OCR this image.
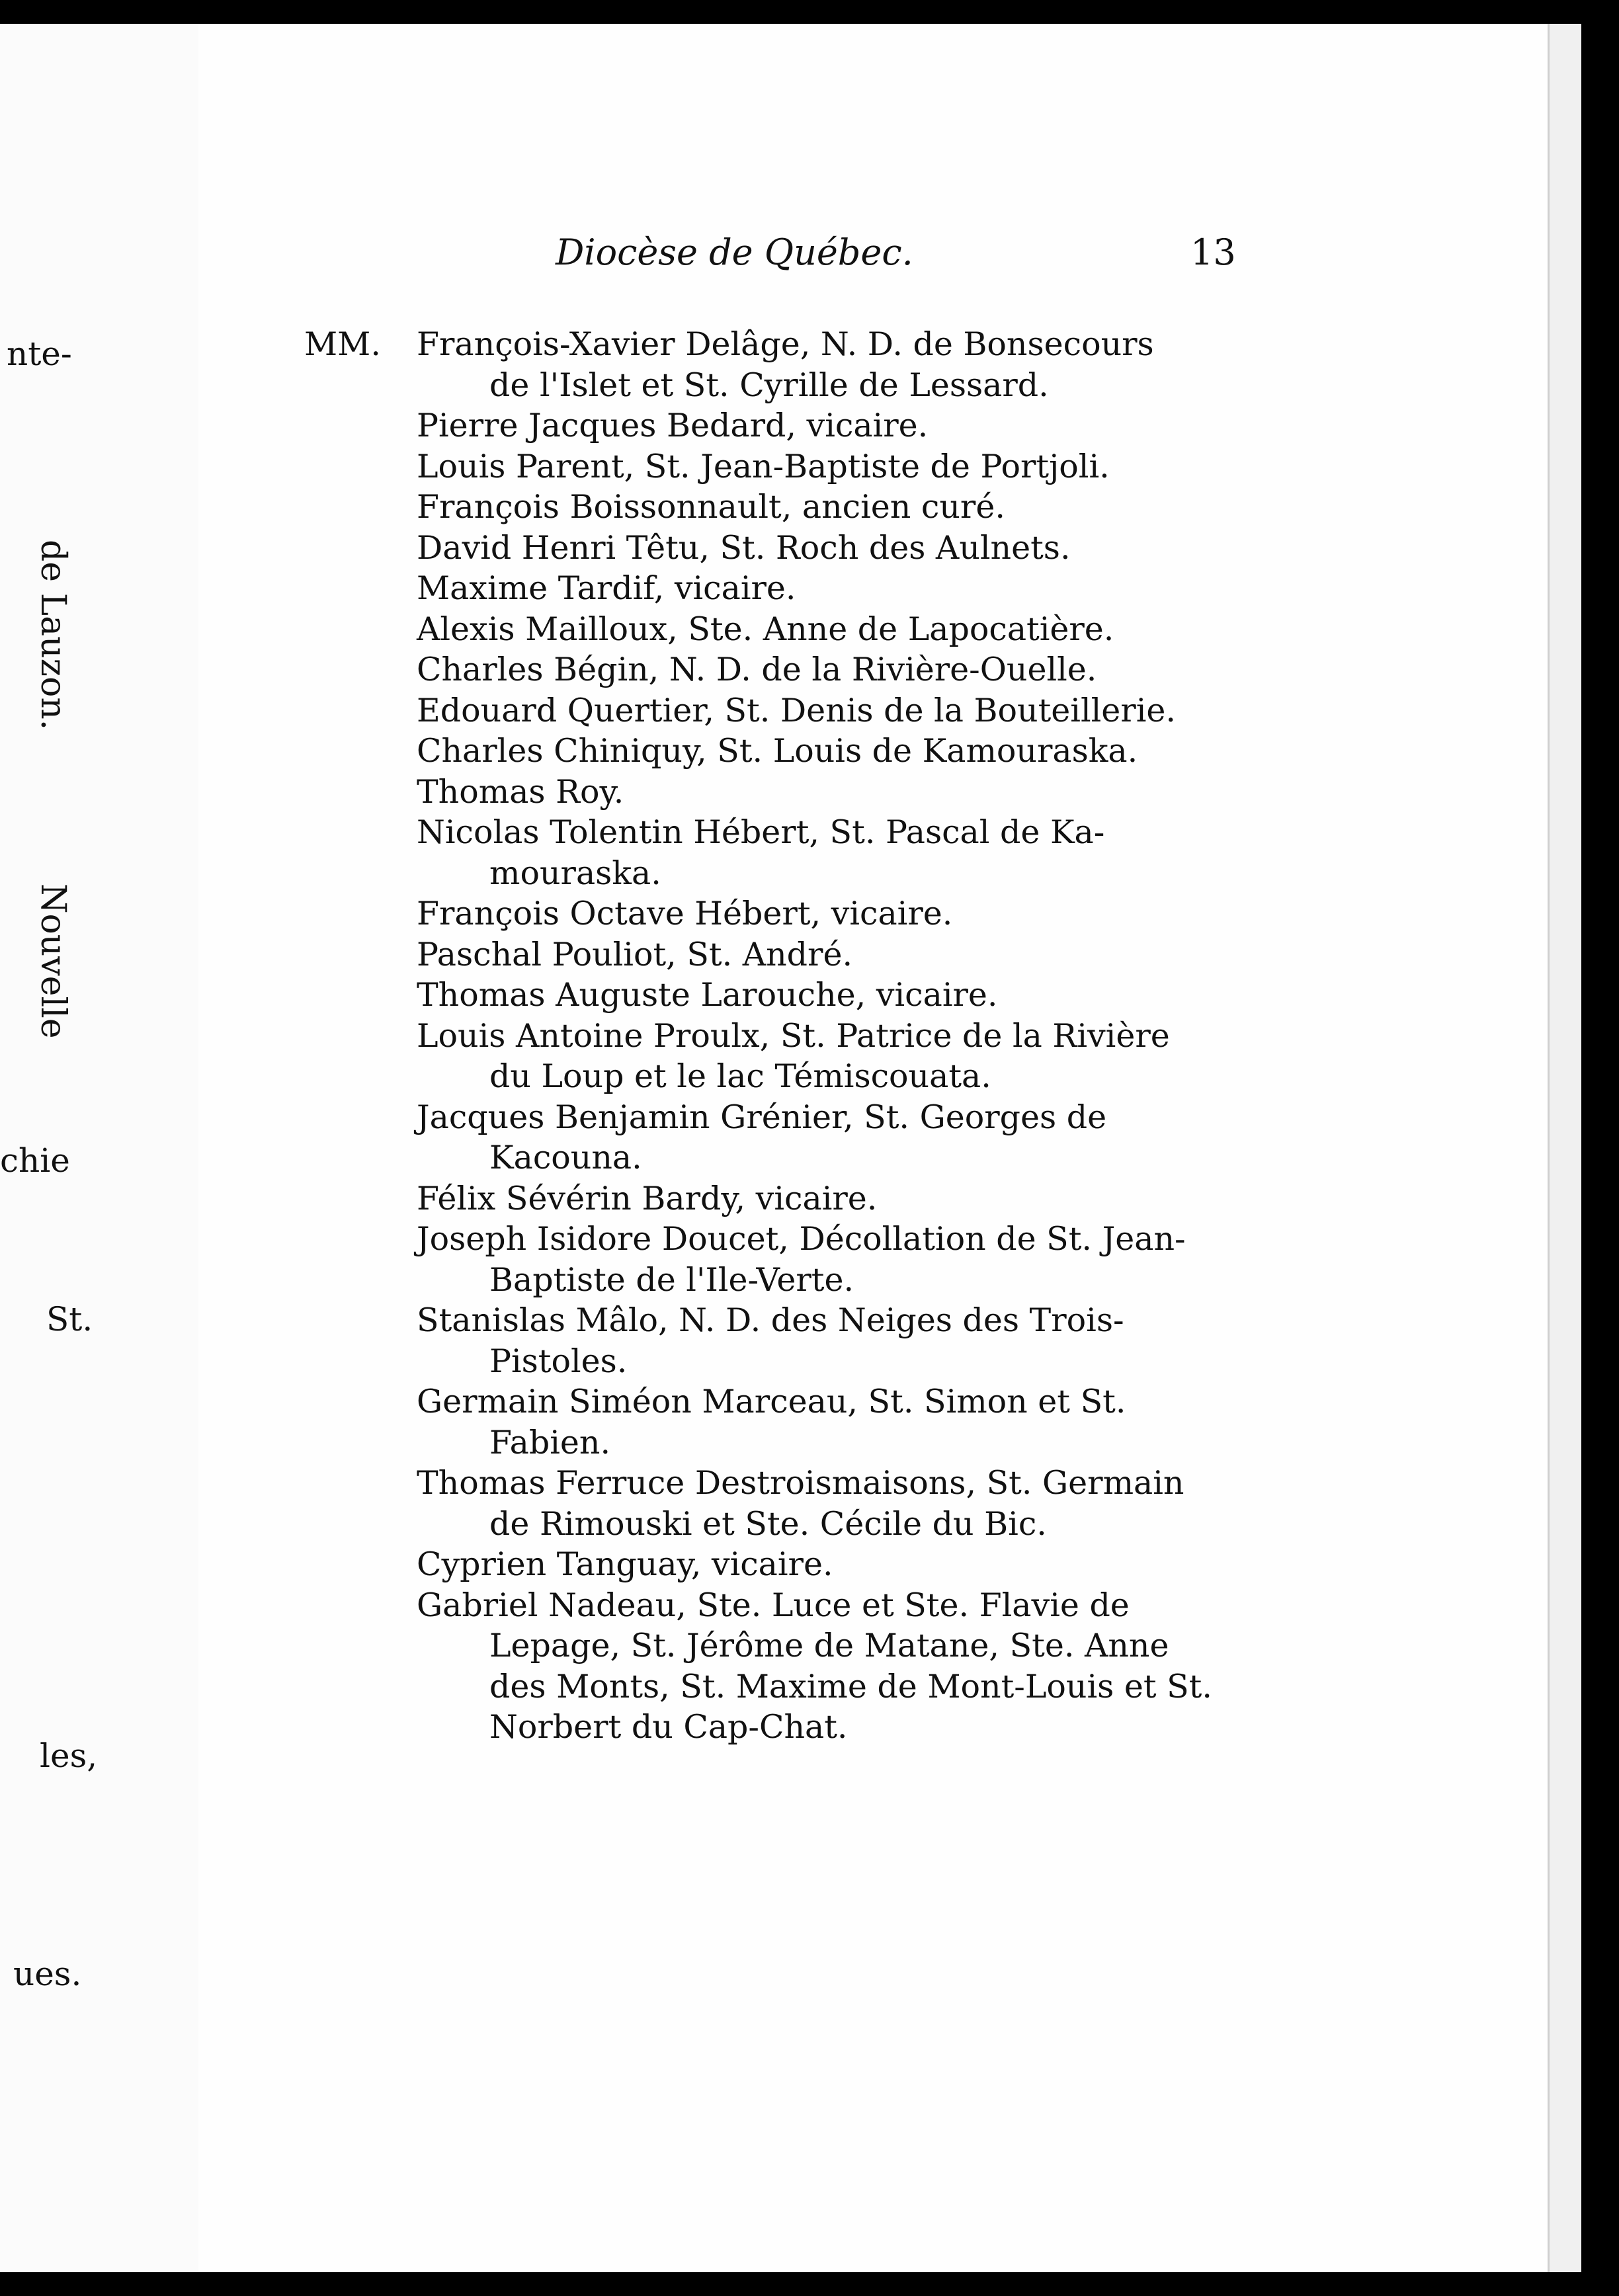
nte-
de Lauzon.
Nouvelle
chie
St.
les,
ues.
Diocèse de Québec.	13
MM. François-Xavier Delâge, N. D. de Bonsecours
de l'Islet et St. Cyrille de Lessard.
Pierre Jacques Bedard, vicaire.
Louis Parent, St. Jean-Baptiste de Portjoli.
François Boissonnault, ancien curé.
David Henri Têtu, St. Roch des Aulnets.
Maxime Tardif, vicaire.
Alexis Mailloux, Ste. Anne de Lapocatière.
Charles Bégin, N. D. de la Rivière-Ouelle.
Edouard Quertier, St. Denis de la Bouteillerie.
Charles Chiniquy, St. Louis de Kamouraska.
Thomas Roy.
Nicolas Tolentin Hébert, St. Pascal de Ka-
mouraska.
François Octave Hébert, vicaire.
Paschal Pouliot, St. André.
Thomas Auguste Larouche, vicaire.
Louis Antoine Proulx, St. Patrice de la Rivière
du Loup et le lac Témiscouata.
Jacques Benjamin Grénier, St. Georges de
Kacouna.
Félix Sévérin Bardy, vicaire.
Joseph Isidore Doucet, Décollation de St. Jean-
Baptiste de l'Ile-Verte.
Stanislas Mâlo, N. D. des Neiges des Trois-
Pistoles.
Germain Siméon Marceau, St. Simon et St.
Fabien.
Thomas Ferruce Destroismaisons, St. Germain
de Rimouski et Ste. Cécile du Bic.
Cyprien Tanguay, vicaire.
Gabriel Nadeau, Ste. Luce et Ste. Flavie de
Lepage, St. Jérôme de Matane, Ste. Anne
des Monts, St. Maxime de Mont-Louis et St.
Norbert du Cap-Chat.
